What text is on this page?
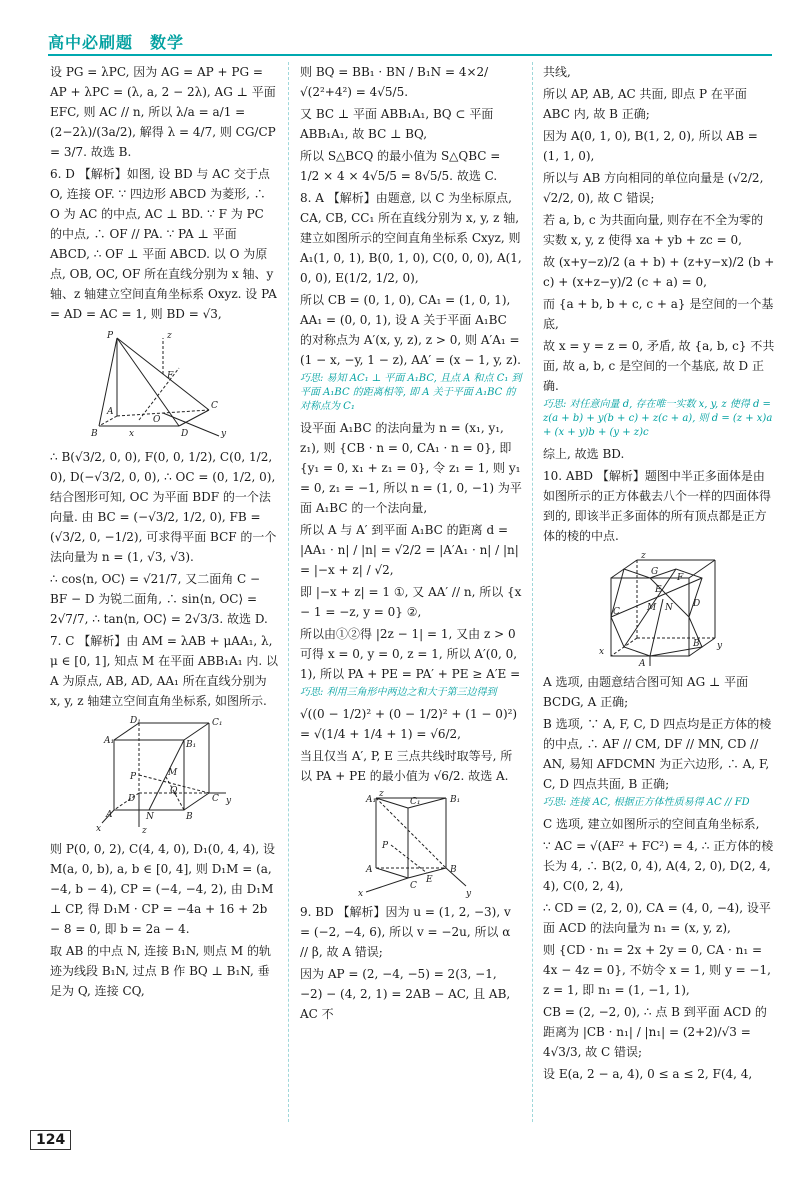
高中必刷题　数学

设 PG = λPC, 因为 AG = AP + PG = AP + λPC = (λ, a, 2 − 2λ), AG ⊥ 平面 EFC, 则 AC // n, 所以 λ/a = a/1 = (2−2λ)/(3a/2), 解得 λ = 4/7, 则 CG/CP = 3/7. 故选 B.

6. D 【解析】如图, 设 BD 与 AC 交于点 O, 连接 OF. ∵ 四边形 ABCD 为菱形, ∴ O 为 AC 的中点, AC ⊥ BD. ∵ F 为 PC 的中点, ∴ OF // PA. ∵ PA ⊥ 平面 ABCD, ∴ OF ⊥ 平面 ABCD. 以 O 为原点, OB, OC, OF 所在直线分别为 x 轴、y 轴、z 轴建立空间直角坐标系 Oxyz. 设 PA = AD = AC = 1, 则 BD = √3,

P
F
A
B
C
D
O
x	y
z

∴ B(√3/2, 0, 0), F(0, 0, 1/2), C(0, 1/2, 0), D(−√3/2, 0, 0), ∴ OC = (0, 1/2, 0), 结合图形可知, OC 为平面 BDF 的一个法向量. 由 BC = (−√3/2, 1/2, 0), FB = (√3/2, 0, −1/2), 可求得平面 BCF 的一个法向量为 n = (1, √3, √3).

∴ cos⟨n, OC⟩ = √21/7, 又二面角 C − BF − D 为锐二面角, ∴ sin⟨n, OC⟩ = 2√7/7, ∴ tan⟨n, OC⟩ = 2√3/3. 故选 D.

7. C 【解析】由 AM = λAB + μAA₁, λ, μ ∈ [0, 1], 知点 M 在平面 ABB₁A₁ 内. 以 A 为原点, AB, AD, AA₁ 所在直线分别为 x, y, z 轴建立空间直角坐标系, 如图所示.

D₁	C₁
A₁	B₁
P	M
D	C
A	N	B
Q
x
y
z

则 P(0, 0, 2), C(4, 4, 0), D₁(0, 4, 4), 设 M(a, 0, b), a, b ∈ [0, 4], 则 D₁M = (a, −4, b − 4), CP = (−4, −4, 2), 由 D₁M ⊥ CP, 得 D₁M · CP = −4a + 16 + 2b − 8 = 0, 即 b = 2a − 4.

取 AB 的中点 N, 连接 B₁N, 则点 M 的轨迹为线段 B₁N, 过点 B 作 BQ ⊥ B₁N, 垂足为 Q, 连接 CQ,

则 BQ = BB₁ · BN / B₁N = 4×2/√(2²+4²) = 4√5/5.

又 BC ⊥ 平面 ABB₁A₁, BQ ⊂ 平面 ABB₁A₁, 故 BC ⊥ BQ,

所以 S△BCQ 的最小值为 S△QBC = 1/2 × 4 × 4√5/5 = 8√5/5. 故选 C.

8. A 【解析】由题意, 以 C 为坐标原点, CA, CB, CC₁ 所在直线分别为 x, y, z 轴, 建立如图所示的空间直角坐标系 Cxyz, 则 A₁(1, 0, 1), B(0, 1, 0), C(0, 0, 0), A(1, 0, 0), E(1/2, 1/2, 0),

所以 CB = (0, 1, 0), CA₁ = (1, 0, 1), AA₁ = (0, 0, 1), 设 A 关于平面 A₁BC 的对称点为 A′(x, y, z), z > 0, 则 A′A₁ = (1 − x, −y, 1 − z), AA′ = (x − 1, y, z).

巧思: 易知 AC₁ ⊥ 平面 A₁BC, 且点 A 和点 C₁ 到平面 A₁BC 的距离相等, 即 A 关于平面 A₁BC 的对称点为 C₁

设平面 A₁BC 的法向量为 n = (x₁, y₁, z₁), 则 {CB · n = 0, CA₁ · n = 0}, 即 {y₁ = 0, x₁ + z₁ = 0}, 令 z₁ = 1, 则 y₁ = 0, z₁ = −1, 所以 n = (1, 0, −1) 为平面 A₁BC 的一个法向量,

所以 A 与 A′ 到平面 A₁BC 的距离 d = |AA₁ · n| / |n| = √2/2 = |A′A₁ · n| / |n| = |−x + z| / √2,

即 |−x + z| = 1 ①, 又 AA′ // n, 所以 {x − 1 = −z, y = 0} ②,

所以由①②得 |2z − 1| = 1, 又由 z > 0 可得 x = 0, y = 0, z = 1, 所以 A′(0, 0, 1), 所以 PA + PE = PA′ + PE ≥ A′E =

巧思: 利用三角形中两边之和大于第三边得到

√((0 − 1/2)² + (0 − 1/2)² + (1 − 0)²) = √(1/4 + 1/4 + 1) = √6/2,

当且仅当 A′, P, E 三点共线时取等号, 所以 PA + PE 的最小值为 √6/2. 故选 A.

C₁
A₁	B₁
P
C
A
E
B
x	y
z

9. BD 【解析】因为 u = (1, 2, −3), v = (−2, −4, 6), 所以 v = −2u, 所以 α // β, 故 A 错误;

因为 AP = (2, −4, −5) = 2(3, −1, −2) − (4, 2, 1) = 2AB − AC, 且 AB, AC 不

共线,

所以 AP, AB, AC 共面, 即点 P 在平面 ABC 内, 故 B 正确;

因为 A(0, 1, 0), B(1, 2, 0), 所以 AB = (1, 1, 0),

所以与 AB 方向相同的单位向量是 (√2/2, √2/2, 0), 故 C 错误;

若 a, b, c 为共面向量, 则存在不全为零的实数 x, y, z 使得 xa + yb + zc = 0,

故 (x+y−z)/2 (a + b) + (z+y−x)/2 (b + c) + (x+z−y)/2 (c + a) = 0,

而 {a + b, b + c, c + a} 是空间的一个基底,

故 x = y = z = 0, 矛盾, 故 {a, b, c} 不共面, 故 a, b, c 是空间的一个基底, 故 D 正确.

巧思: 对任意向量 d, 存在唯一实数 x, y, z 使得 d = z(a + b) + y(b + c) + z(c + a), 则 d = (z + x)a + (x + y)b + (y + z)c

综上, 故选 BD.

10. ABD 【解析】题图中半正多面体是由如图所示的正方体截去八个一样的四面体得到的, 即该半正多面体的所有顶点都是正方体的棱的中点.

G
F
E
M N D
C
B
A
x
y
z

A 选项, 由题意结合图可知 AG ⊥ 平面 BCDG, A 正确;

B 选项, ∵ A, F, C, D 四点均是正方体的棱的中点, ∴ AF // CM, DF // MN, CD // AN, 易知 AFDCMN 为正六边形, ∴ A, F, C, D 四点共面, B 正确;

巧思: 连接 AC, 根据正方体性质易得 AC // FD

C 选项, 建立如图所示的空间直角坐标系,

∵ AC = √(AF² + FC²) = 4, ∴ 正方体的棱长为 4, ∴ B(2, 0, 4), A(4, 2, 0), D(2, 4, 4), C(0, 2, 4),

∴ CD = (2, 2, 0), CA = (4, 0, −4), 设平面 ACD 的法向量为 n₁ = (x, y, z),

则 {CD · n₁ = 2x + 2y = 0, CA · n₁ = 4x − 4z = 0}, 不妨令 x = 1, 则 y = −1, z = 1, 即 n₁ = (1, −1, 1),

CB = (2, −2, 0), ∴ 点 B 到平面 ACD 的距离为 |CB · n₁| / |n₁| = (2+2)/√3 = 4√3/3, 故 C 错误;

设 E(a, 2 − a, 4), 0 ≤ a ≤ 2, F(4, 4,

124
